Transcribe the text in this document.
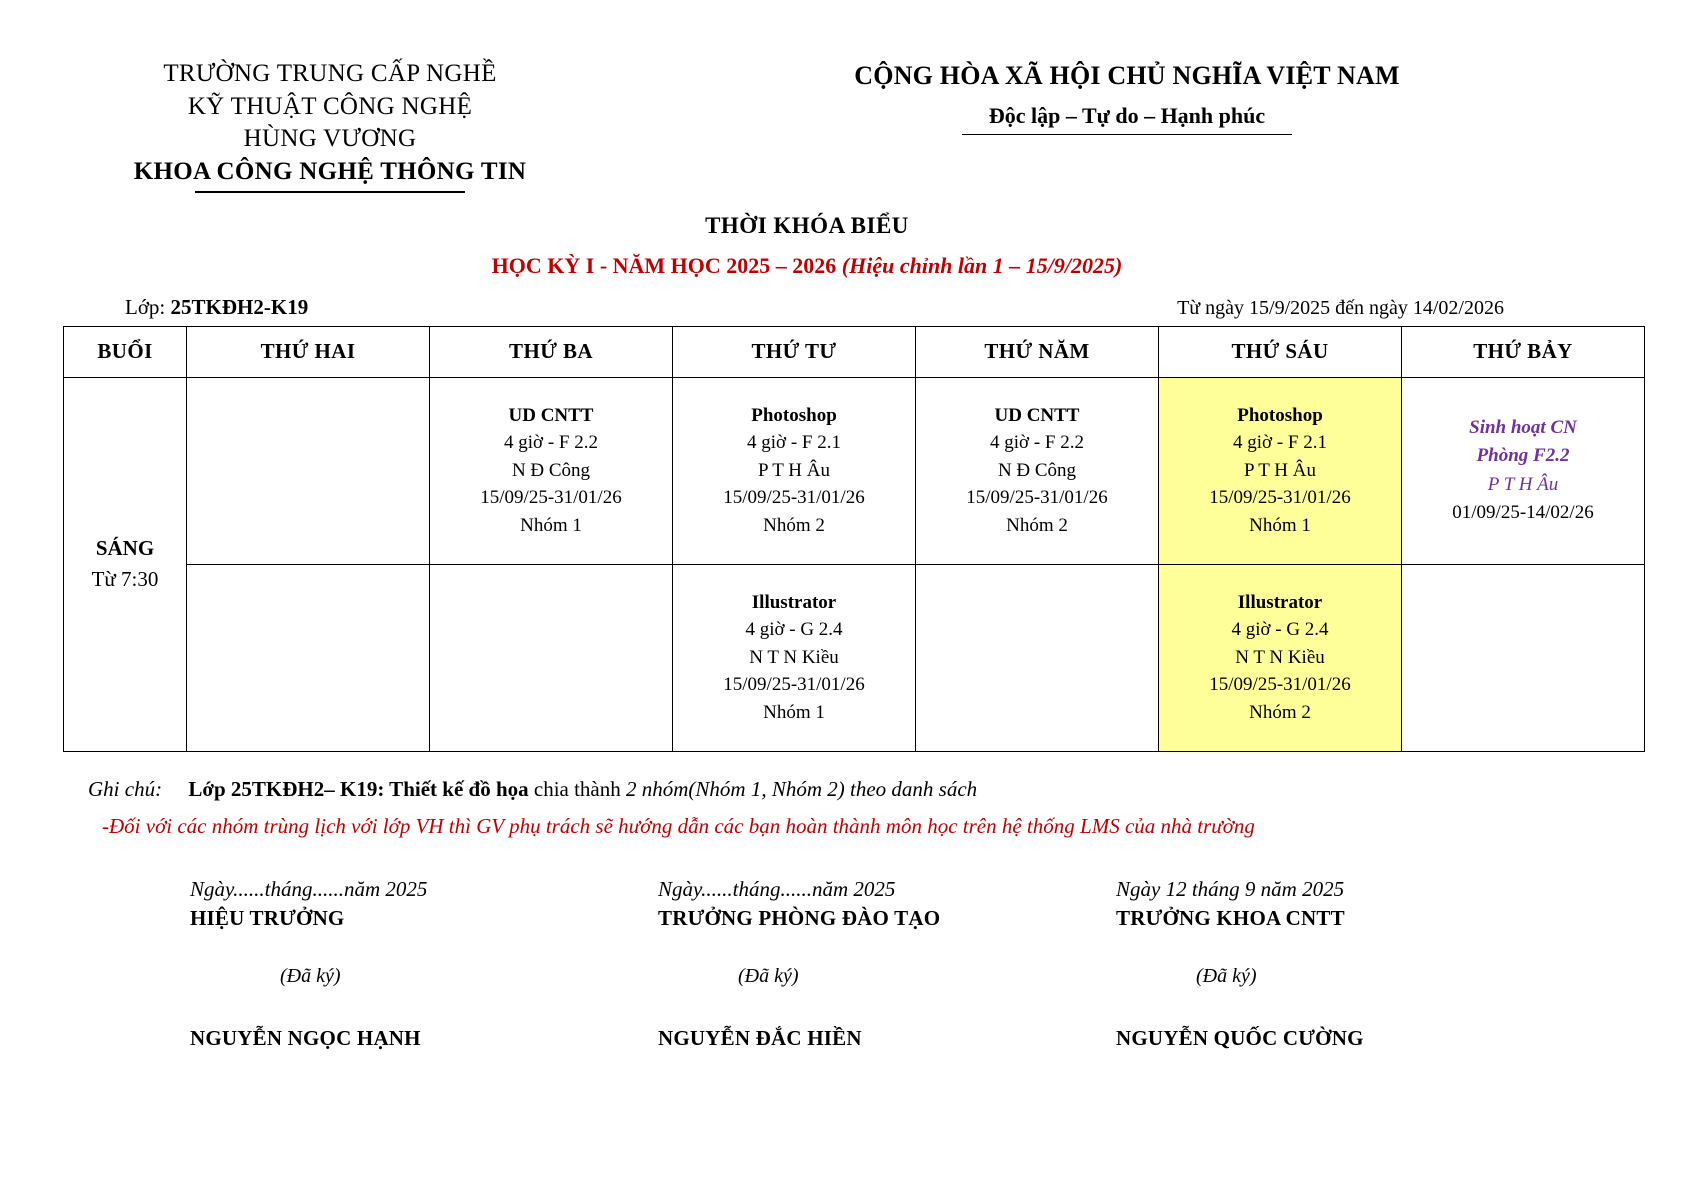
TRƯỜNG TRUNG CẤP NGHỀ
KỸ THUẬT CÔNG NGHỆ
HÙNG VƯƠNG
KHOA CÔNG NGHỆ THÔNG TIN
CỘNG HÒA XÃ HỘI CHỦ NGHĨA VIỆT NAM
Độc lập – Tự do – Hạnh phúc
THỜI KHÓA BIỂU
HỌC KỲ I - NĂM HỌC 2025 – 2026 (Hiệu chỉnh lần 1 – 15/9/2025)
Lớp: 25TKĐH2-K19	Từ ngày 15/9/2025 đến ngày 14/02/2026
BUỔI	THỨ HAI	THỨ BA	THỨ TƯ	THỨ NĂM	THỨ SÁU	THỨ BẢY

SÁNG
Từ 7:30		UD CNTT
4 giờ - F 2.2
N Đ Công
15/09/25-31/01/26
Nhóm 1	Photoshop
4 giờ - F 2.1
P T H Âu
15/09/25-31/01/26
Nhóm 2	UD CNTT
4 giờ - F 2.2
N Đ Công
15/09/25-31/01/26
Nhóm 2	Photoshop
4 giờ - F 2.1
P T H Âu
15/09/25-31/01/26
Nhóm 1	Sinh hoạt CN
Phòng F2.2
P T H Âu
01/09/25-14/02/26

			Illustrator
4 giờ - G 2.4
N T N Kiều
15/09/25-31/01/26
Nhóm 1		Illustrator
4 giờ - G 2.4
N T N Kiều
15/09/25-31/01/26
Nhóm 2	

Ghi chú: Lớp 25TKĐH2– K19: Thiết kế đồ họa chia thành 2 nhóm(Nhóm 1, Nhóm 2) theo danh sách
-Đối với các nhóm trùng lịch với lớp VH thì GV phụ trách sẽ hướng dẫn các bạn hoàn thành môn học trên hệ thống LMS của nhà trường
Ngày......tháng......năm 2025
HIỆU TRƯỞNG
(Đã ký)
NGUYỄN NGỌC HẠNH
Ngày......tháng......năm 2025
TRƯỞNG PHÒNG ĐÀO TẠO
(Đã ký)
NGUYỄN ĐẮC HIỀN
Ngày 12 tháng 9 năm 2025
TRƯỞNG KHOA CNTT
(Đã ký)
NGUYỄN QUỐC CƯỜNG
